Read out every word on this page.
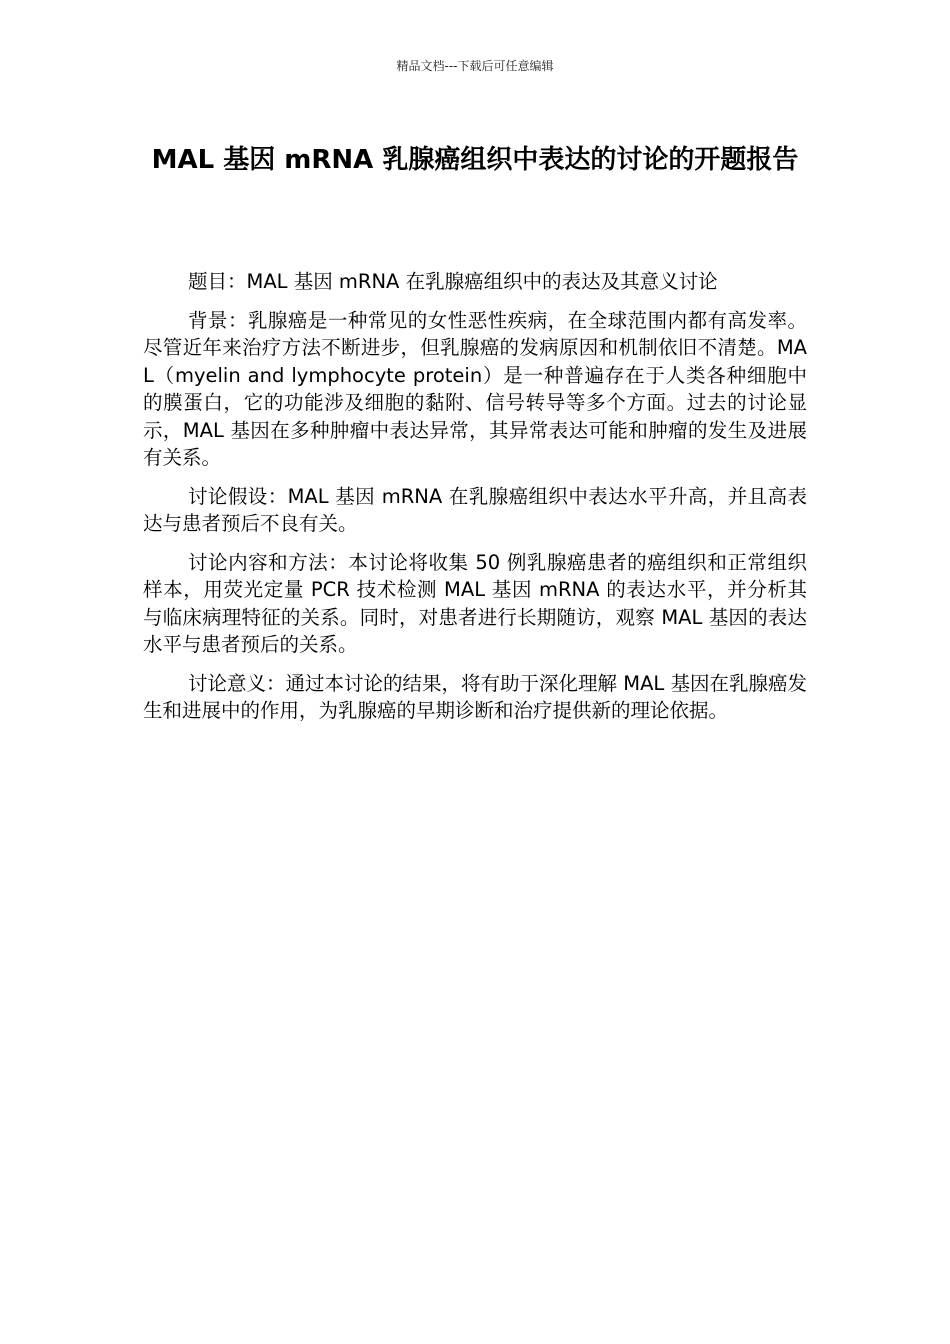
精品文档---下载后可任意编辑
MAL 基因 mRNA 乳腺癌组织中表达的讨论的开题报告

题目：MAL 基因 mRNA 在乳腺癌组织中的表达及其意义讨论

背景：乳腺癌是一种常见的女性恶性疾病，在全球范围内都有高发率。尽管近年来治疗方法不断进步，但乳腺癌的发病原因和机制依旧不清楚。MAL（myelin and lymphocyte protein）是一种普遍存在于人类各种细胞中的膜蛋白，它的功能涉及细胞的黏附、信号转导等多个方面。过去的讨论显示，MAL 基因在多种肿瘤中表达异常，其异常表达可能和肿瘤的发生及进展有关系。

讨论假设：MAL 基因 mRNA 在乳腺癌组织中表达水平升高，并且高表达与患者预后不良有关。

讨论内容和方法：本讨论将收集 50 例乳腺癌患者的癌组织和正常组织样本，用荧光定量 PCR 技术检测 MAL 基因 mRNA 的表达水平，并分析其与临床病理特征的关系。同时，对患者进行长期随访，观察 MAL 基因的表达水平与患者预后的关系。

讨论意义：通过本讨论的结果，将有助于深化理解 MAL 基因在乳腺癌发生和进展中的作用，为乳腺癌的早期诊断和治疗提供新的理论依据。
